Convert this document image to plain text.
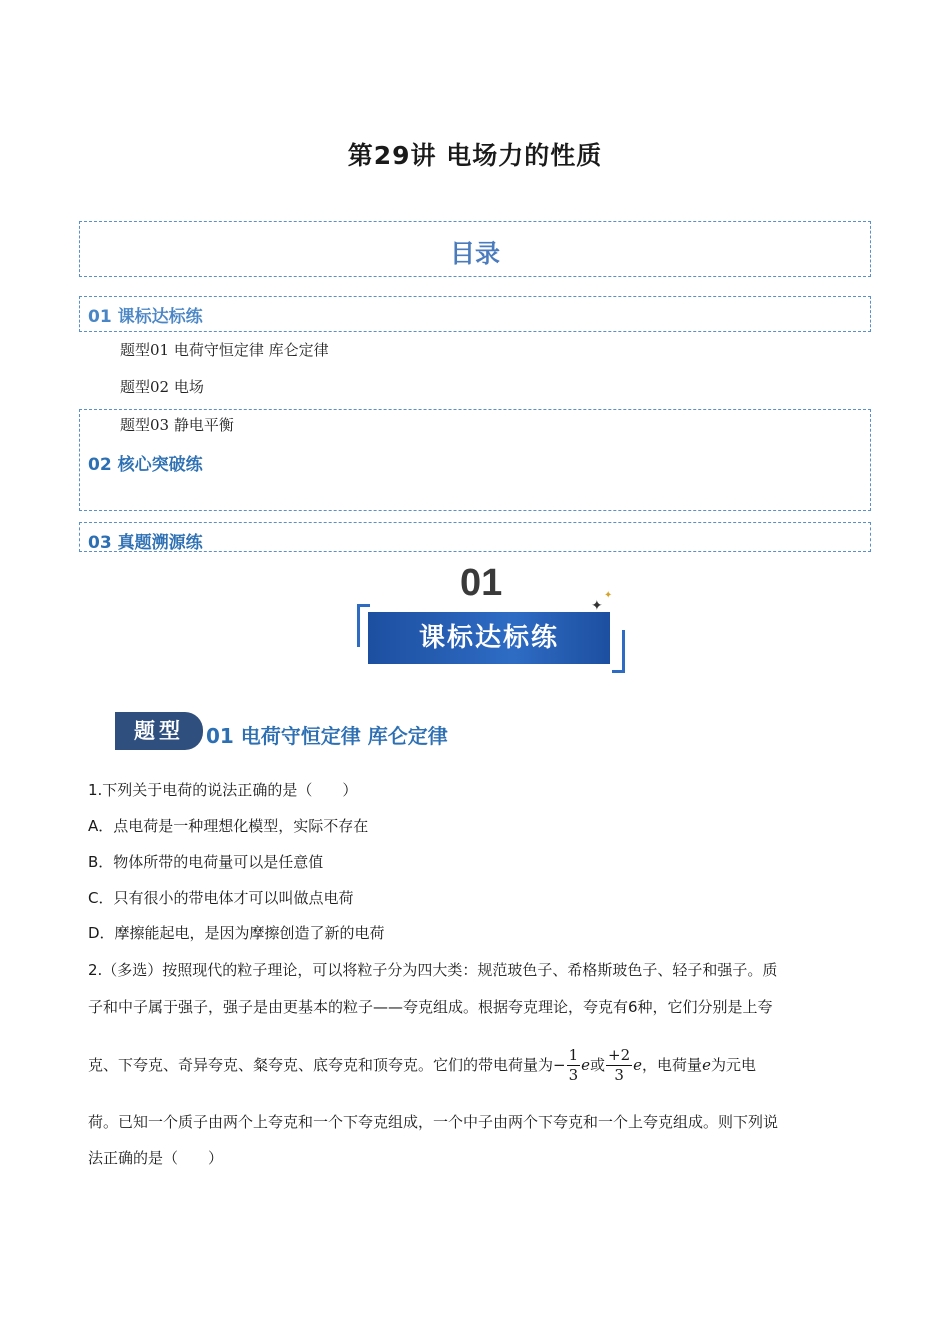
第29讲 电场力的性质
目录
01 课标达标练
题型01 电荷守恒定律 库仑定律
题型02 电场
题型03 静电平衡
02 核心突破练
03 真题溯源练
01
课标达标练
✦
✦
题型	01 电荷守恒定律 库仑定律
1.下列关于电荷的说法正确的是（　　）
A．点电荷是一种理想化模型，实际不存在
B．物体所带的电荷量可以是任意值
C．只有很小的带电体才可以叫做点电荷
D．摩擦能起电，是因为摩擦创造了新的电荷
2.（多选）按照现代的粒子理论，可以将粒子分为四大类：规范玻色子、希格斯玻色子、轻子和强子。质
子和中子属于强子，强子是由更基本的粒子——夸克组成。根据夸克理论，夸克有6种，它们分别是上夸
克、下夸克、奇异夸克、粲夸克、底夸克和顶夸克。它们的带电荷量为− $\frac{1}{3}$ e或 $\frac{+2}{3}$ e，电荷量e为元电
荷。已知一个质子由两个上夸克和一个下夸克组成，一个中子由两个下夸克和一个上夸克组成。则下列说
法正确的是（　　）
